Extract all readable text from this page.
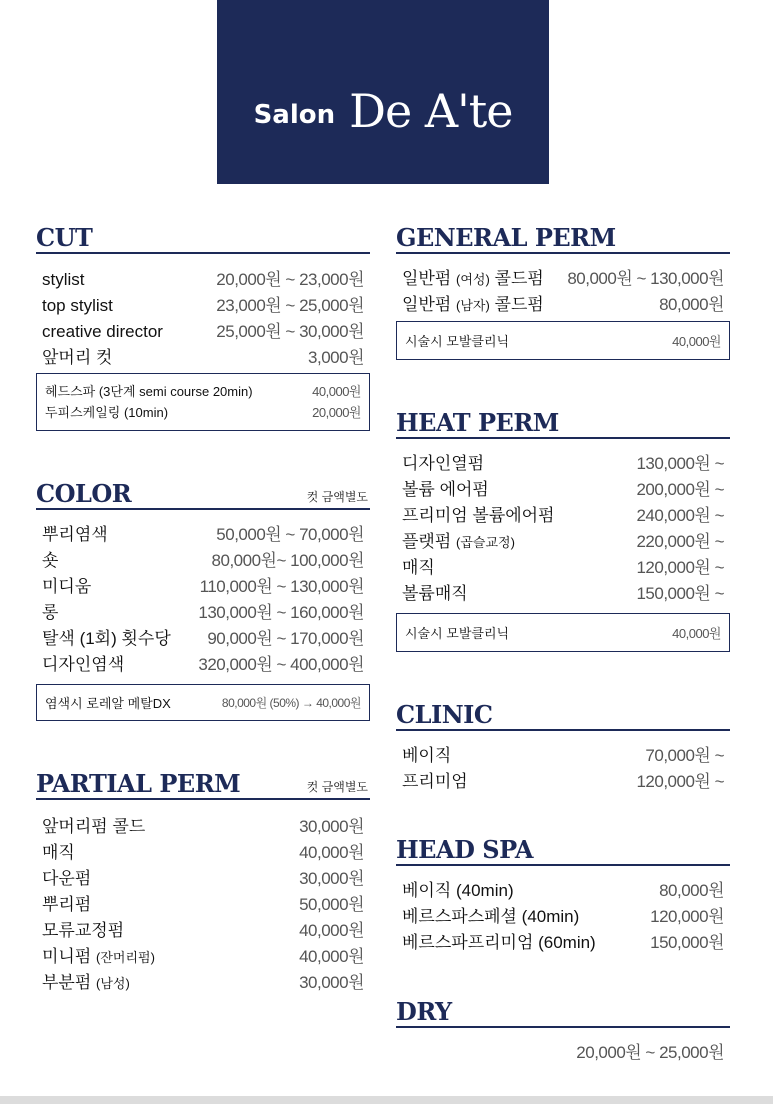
Salon De A'te
CUT
stylist	20,000원 ~ 23,000원
top stylist	23,000원 ~ 25,000원
creative director	25,000원 ~ 30,000원
앞머리 컷	3,000원
헤드스파 (3단계 semi course 20min)	40,000원
두피스케일링 (10min)	20,000원
COLOR	컷 금액별도
뿌리염색	50,000원 ~ 70,000원
숏	80,000원~ 100,000원
미디움	110,000원 ~ 130,000원
롱	130,000원 ~ 160,000원
탈색 (1회) 횟수당 90,000원 ~ 170,000원
디자인염색	320,000원 ~ 400,000원
염색시 로레알 메탈DX	80,000원 (50%) → 40,000원
PARTIAL PERM	컷 금액별도
앞머리펌 콜드	30,000원
매직	40,000원
다운펌	30,000원
뿌리펌	50,000원
모류교정펌	40,000원
미니펌 (잔머리펌)	40,000원
부분펌 (남성)	30,000원
GENERAL PERM
일반펌 (여성) 콜드펌 80,000원 ~ 130,000원
일반펌 (남자) 콜드펌	80,000원
시술시 모발클리닉	40,000원
HEAT PERM
디자인열펌	130,000원 ~
볼륨 에어펌	200,000원 ~
프리미엄 볼륨에어펌	240,000원 ~
플랫펌 (곱슬교정)	220,000원 ~
매직	120,000원 ~
볼륨매직	150,000원 ~
시술시 모발클리닉	40,000원
CLINIC
베이직	70,000원 ~
프리미엄	120,000원 ~
HEAD SPA
베이직 (40min)	80,000원
베르스파스페셜 (40min)	120,000원
베르스파프리미엄 (60min)	150,000원
DRY
20,000원 ~ 25,000원
